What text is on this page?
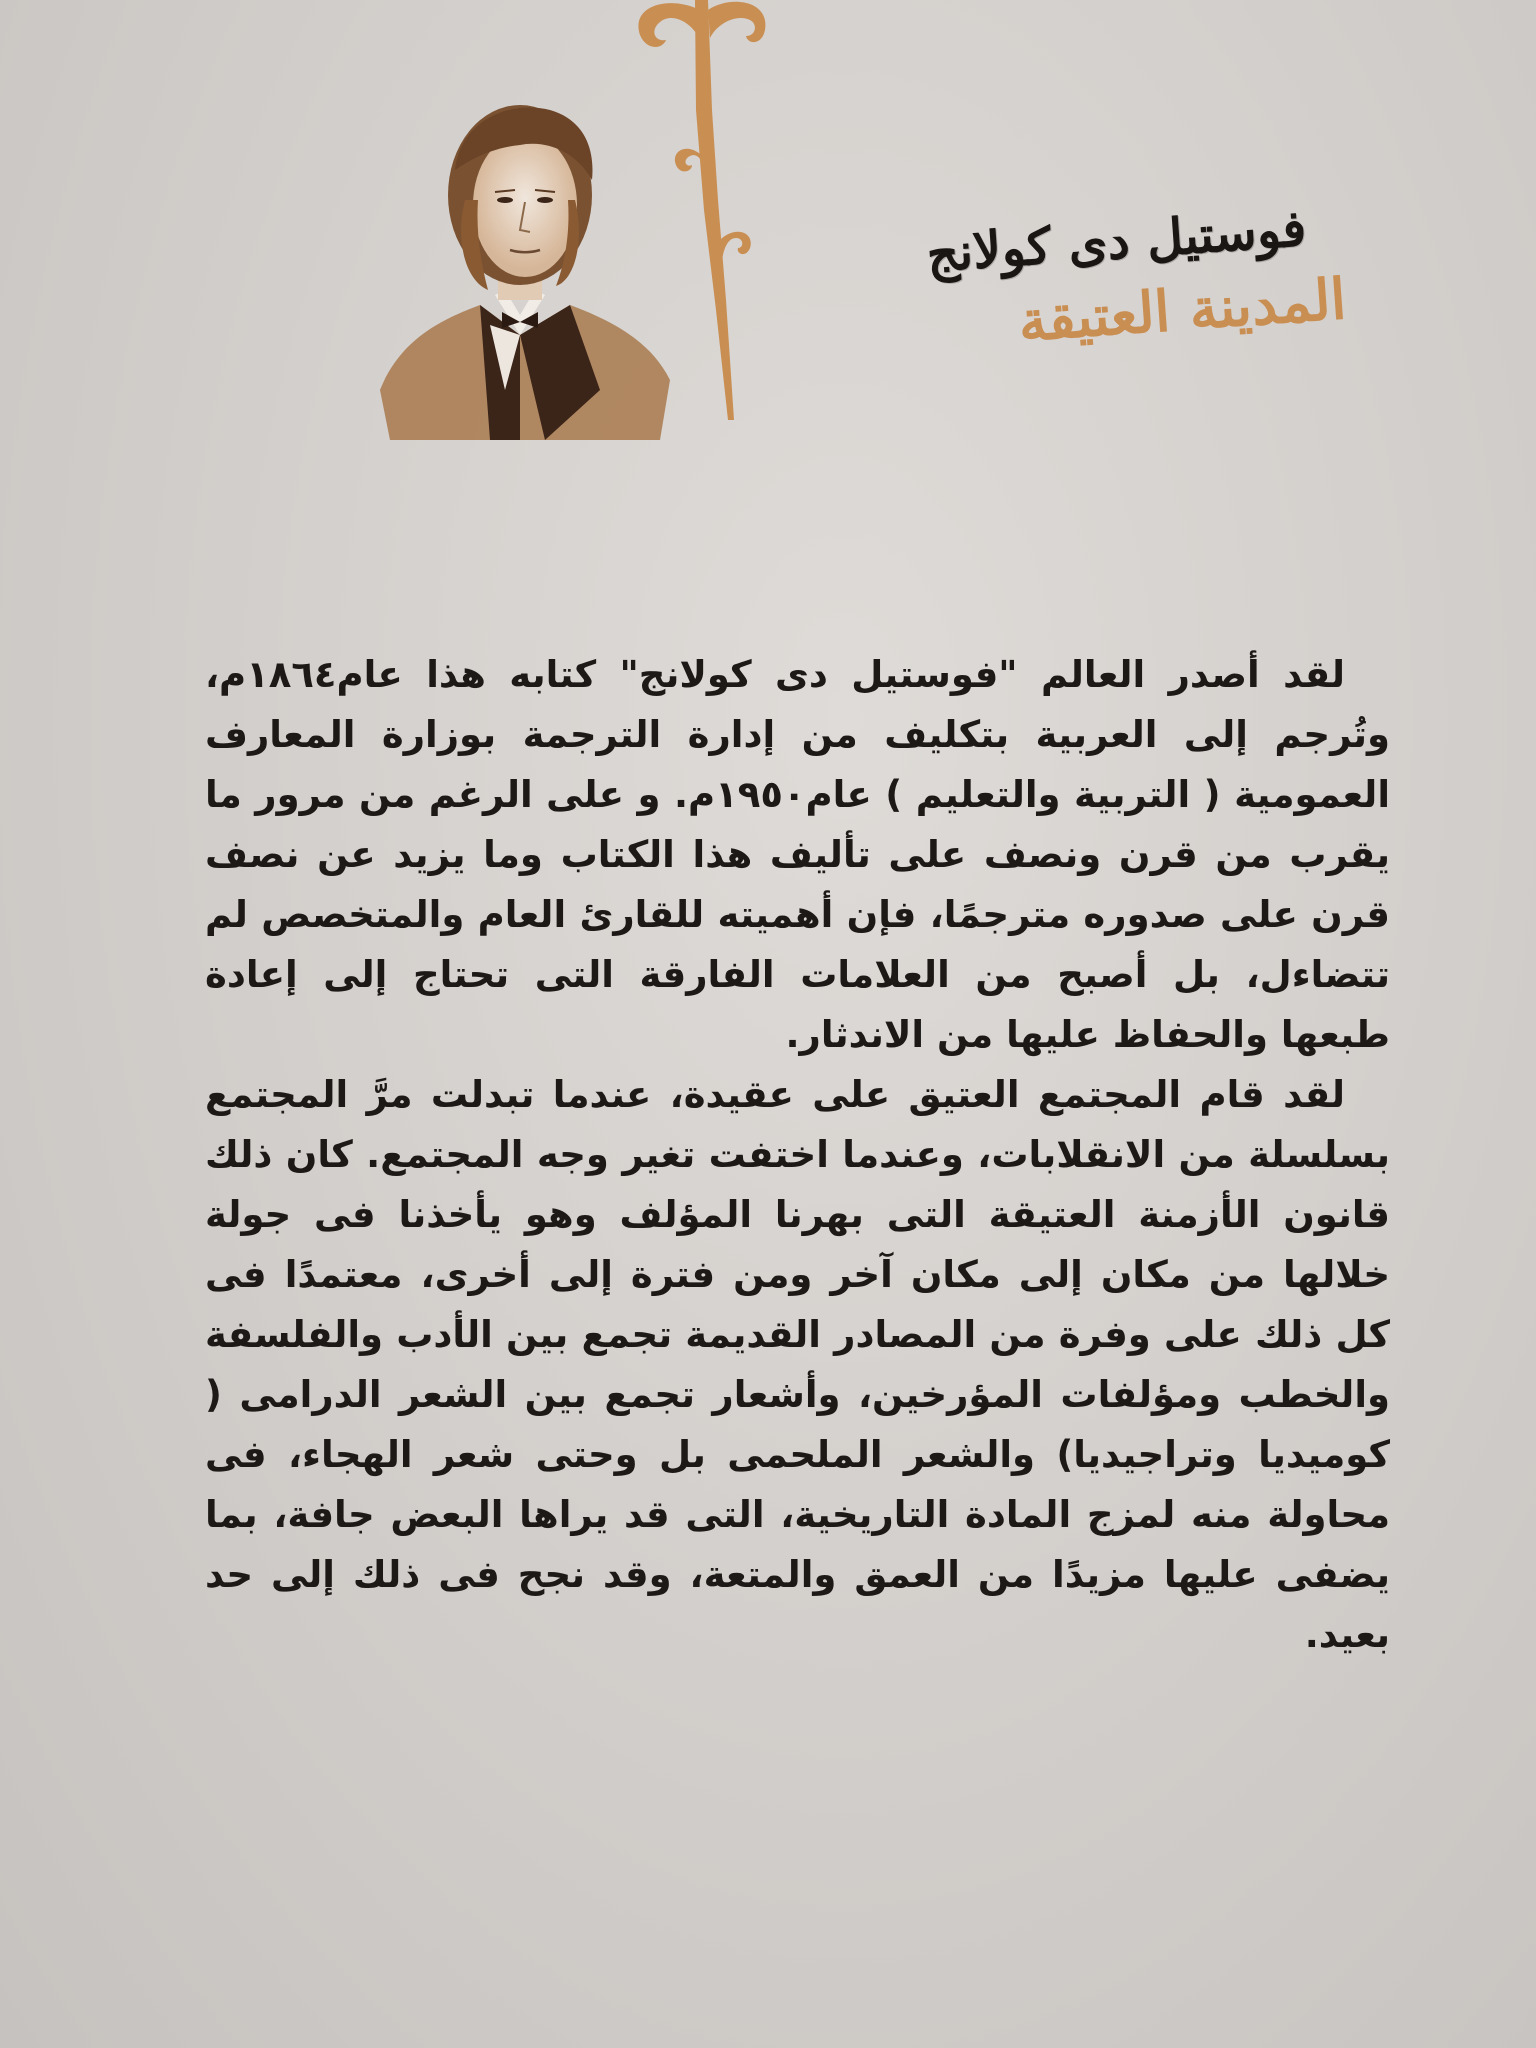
فوستيل دى كولانج
المدينة العتيقة

لقد أصدر العالم "فوستيل دى كولانج" كتابه هذا عام١٨٦٤م، وتُرجم إلى العربية بتكليف من إدارة الترجمة بوزارة المعارف العمومية ( التربية والتعليم ) عام١٩٥٠م. و على الرغم من مرور ما يقرب من قرن ونصف على تأليف هذا الكتاب وما يزيد عن نصف قرن على صدوره مترجمًا، فإن أهميته للقارئ العام والمتخصص لم تتضاءل، بل أصبح من العلامات الفارقة التى تحتاج إلى إعادة طبعها والحفاظ عليها من الاندثار.

لقد قام المجتمع العتيق على عقيدة، عندما تبدلت مرَّ المجتمع بسلسلة من الانقلابات، وعندما اختفت تغير وجه المجتمع. كان ذلك قانون الأزمنة العتيقة التى بهرنا المؤلف وهو يأخذنا فى جولة خلالها من مكان إلى مكان آخر ومن فترة إلى أخرى، معتمدًا فى كل ذلك على وفرة من المصادر القديمة تجمع بين الأدب والفلسفة والخطب ومؤلفات المؤرخين، وأشعار تجمع بين الشعر الدرامى ( كوميديا وتراجيديا) والشعر الملحمى بل وحتى شعر الهجاء، فى محاولة منه لمزج المادة التاريخية، التى قد يراها البعض جافة، بما يضفى عليها مزيدًا من العمق والمتعة، وقد نجح فى ذلك إلى حد بعيد.
